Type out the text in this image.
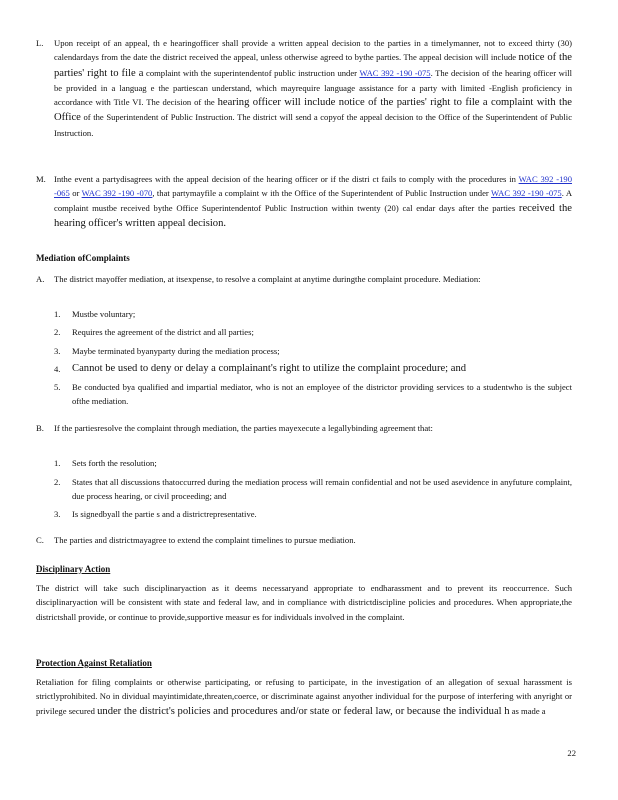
L. Upon receipt of an appeal, th e hearingofficer shall provide a written appeal decision to the parties in a timelymanner, not to exceed thirty (30) calendardays from the date the district received the appeal, unless otherwise agreed to bythe parties. The appeal decision will include notice of the parties' right to file a complaint with the superintendentof public instruction under WAC 392 -190 -075. The decision of the hearing officer will be provided in a languag e the partiescan understand, which mayrequire language assistance for a party with limited -English proficiency in accordance with Title VI. The decision of the hearing officer will include notice of the parties' right to file a complaint with the Office of the Superintendent of Public Instruction. The district will send a copyof the appeal decision to the Office of the Superintendent of Public Instruction.
M. Inthe event a partydisagrees with the appeal decision of the hearing officer or if the distri ct fails to comply with the procedures in WAC 392 -190 -065 or WAC 392 -190 -070, that partymayfile a complaint w ith the Office of the Superintendent of Public Instruction under WAC 392 -190 -075. A complaint mustbe received bythe Office Superintendentof Public Instruction within twenty (20) cal endar days after the parties received the hearing officer's written appeal decision.
Mediation ofComplaints
A. The district mayoffer mediation, at itsexpense, to resolve a complaint at anytime duringthe complaint procedure. Mediation:
1. Mustbe voluntary;
2. Requires the agreement of the district and all parties;
3. Maybe terminated byanyparty during the mediation process;
4. Cannot be used to deny or delay a complainant's right to utilize the complaint procedure; and
5. Be conducted bya qualified and impartial mediator, who is not an employee of the districtor providing services to a studentwho is the subject ofthe mediation.
B. If the partiesresolve the complaint through mediation, the parties mayexecute a legallybinding agreement that:
1. Sets forth the resolution;
2. States that all discussions thatoccurred during the mediation process will remain confidential and not be used asevidence in anyfuture complaint, due process hearing, or civil proceeding; and
3. Is signedbyall the partie s and a districtrepresentative.
C. The parties and districtmayagree to extend the complaint timelines to pursue mediation.
Disciplinary Action
The district will take such disciplinaryaction as it deems necessaryand appropriate to endharassment and to prevent its reoccurrence. Such disciplinaryaction will be consistent with state and federal law, and in compliance with districtdiscipline policies and procedures. When appropriate,the districtshall provide, or continue to provide,supportive measur es for individuals involved in the complaint.
Protection Against Retaliation
Retaliation for filing complaints or otherwise participating, or refusing to participate, in the investigation of an allegation of sexual harassment is strictlyprohibited. No in dividual mayintimidate,threaten,coerce, or discriminate against anyother individual for the purpose of interfering with anyright or privilege secured under the district's policies and procedures and/or state or federal law, or because the individual h as made a
22
